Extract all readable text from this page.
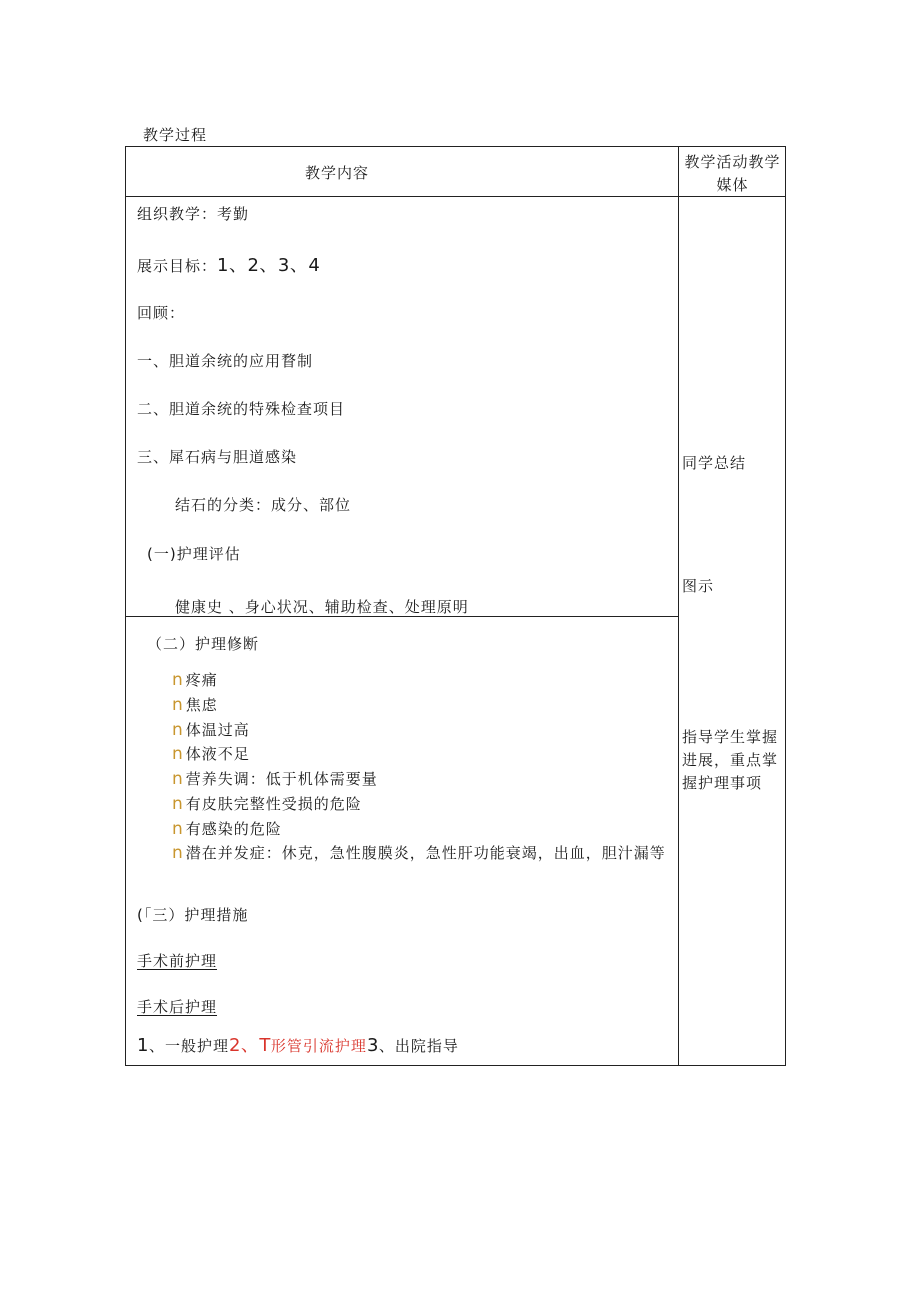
教学过程
教学内容
教学活动教学媒体
组织教学：考勤
展示目标：1、2、3、4
回顾：
一、胆道余统的应用瞀制
二、胆道余统的特殊检查项目
三、犀石病与胆道感染
结石的分类：成分、部位
(一)护理评估
健康史 、身心状况、辅助检查、处理原明
（二）护理修断
n 疼痛
n 焦虑
n 体温过高
n 体液不足
n 营养失调：低于机体需要量
n 有皮肤完整性受损的危险
n 有感染的危险
n 潜在并发症：休克，急性腹膜炎，急性肝功能衰竭，出血，胆汁漏等
(「三）护理措施
手术前护理
手术后护理
1、一般护理2、T形管引流护理3、出院指导
同学总结
图示
指导学生掌握进展，重点掌握护理事项
